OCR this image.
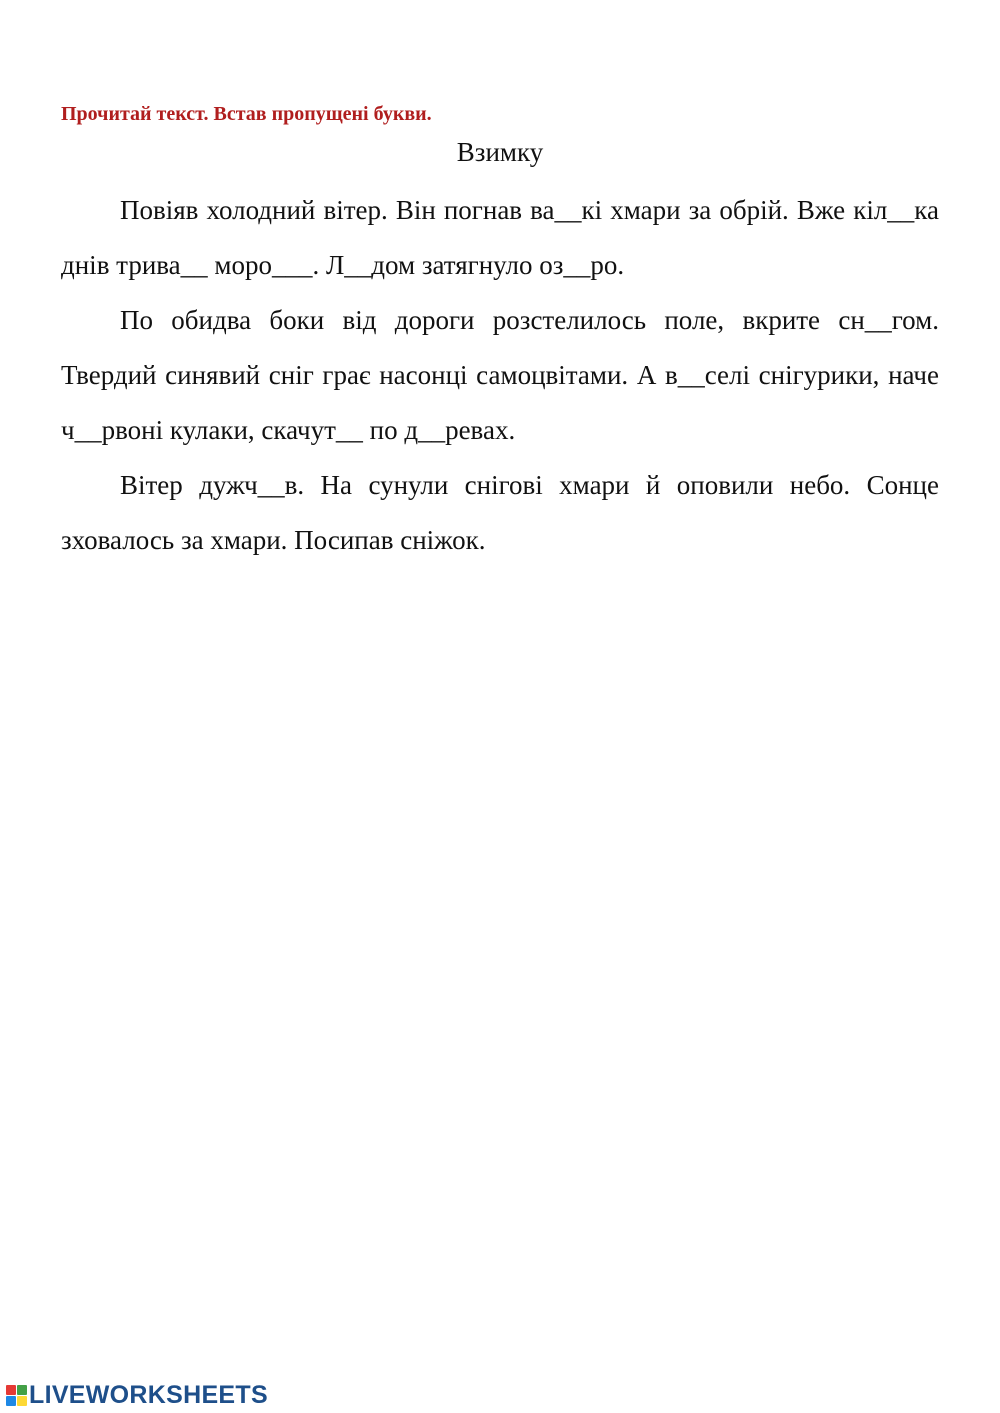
Прочитай текст. Встав пропущені букви.
Взимку

Повіяв холодний вітер. Він погнав ва__кі хмари за обрій. Вже кіл__ка днів трива__ моро___. Л__дом затягнуло оз__ро.

По обидва боки від дороги розстелилось поле, вкрите сн__гом. Твердий синявий сніг грає насонці самоцвітами. А в__селі снігурики, наче ч__рвоні кулаки, скачут__ по д__ревах.

Вітер дужч__в. На сунули снігові хмари й оповили небо. Сонце зховалось за хмари. Посипав сніжок.

LIVEWORKSHEETS
